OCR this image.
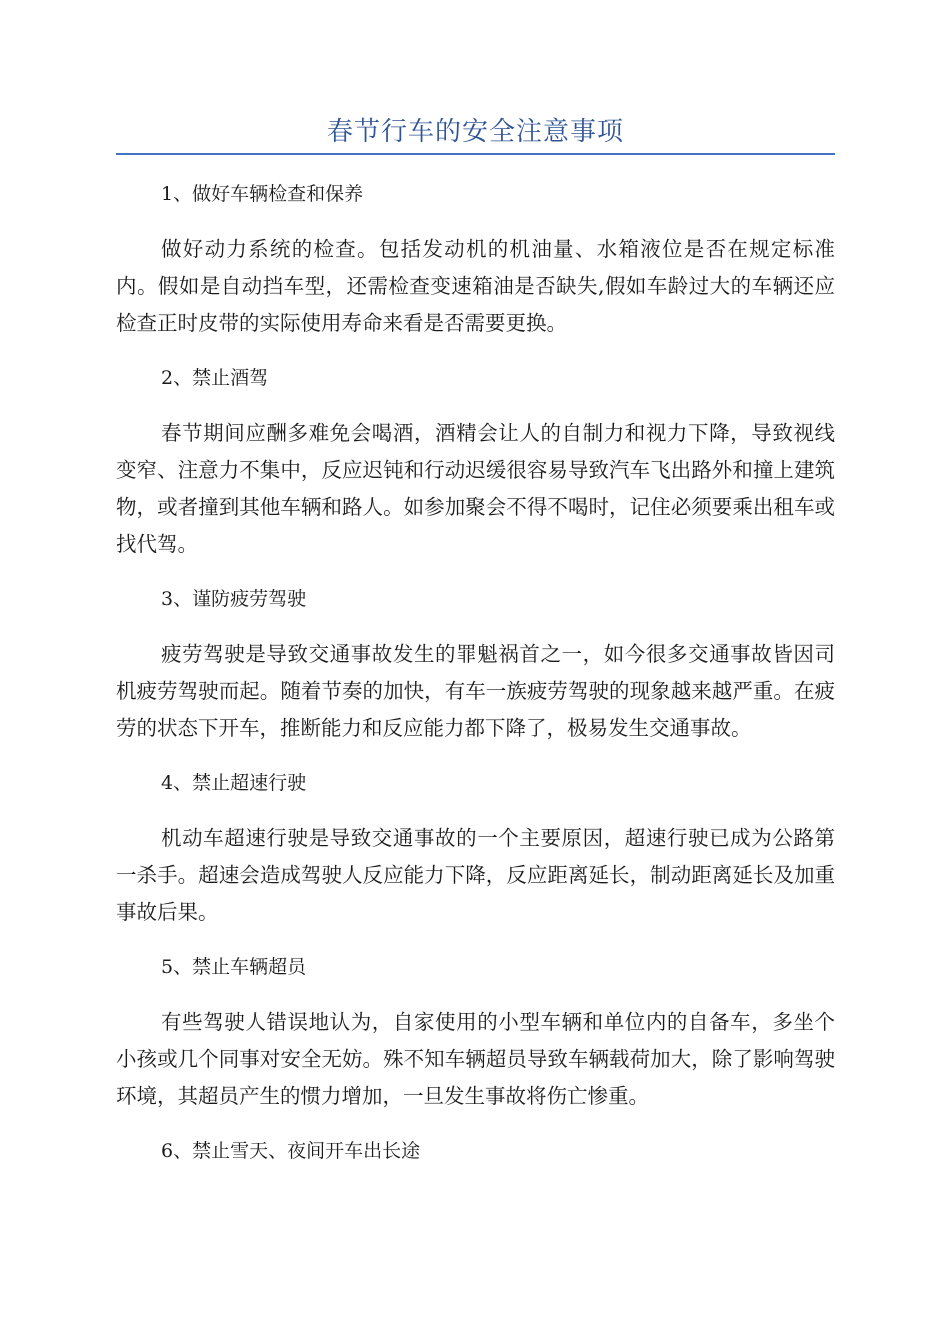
春节行车的安全注意事项

1、做好车辆检查和保养

做好动力系统的检查。包括发动机的机油量、水箱液位是否在规定标准内。假如是自动挡车型，还需检查变速箱油是否缺失,假如车龄过大的车辆还应检查正时皮带的实际使用寿命来看是否需要更换。

2、禁止酒驾

春节期间应酬多难免会喝酒，酒精会让人的自制力和视力下降，导致视线变窄、注意力不集中，反应迟钝和行动迟缓很容易导致汽车飞出路外和撞上建筑物，或者撞到其他车辆和路人。如参加聚会不得不喝时，记住必须要乘出租车或找代驾。

3、谨防疲劳驾驶

疲劳驾驶是导致交通事故发生的罪魁祸首之一，如今很多交通事故皆因司机疲劳驾驶而起。随着节奏的加快，有车一族疲劳驾驶的现象越来越严重。在疲劳的状态下开车，推断能力和反应能力都下降了，极易发生交通事故。

4、禁止超速行驶

机动车超速行驶是导致交通事故的一个主要原因，超速行驶已成为公路第一杀手。超速会造成驾驶人反应能力下降，反应距离延长，制动距离延长及加重事故后果。

5、禁止车辆超员

有些驾驶人错误地认为，自家使用的小型车辆和单位内的自备车，多坐个小孩或几个同事对安全无妨。殊不知车辆超员导致车辆载荷加大，除了影响驾驶环境，其超员产生的惯力增加，一旦发生事故将伤亡惨重。

6、禁止雪天、夜间开车出长途
